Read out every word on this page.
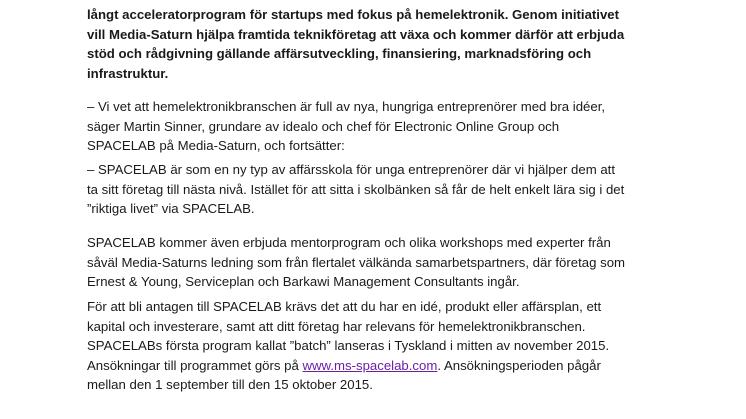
långt acceleratorprogram för startups med fokus på hemelektronik. Genom initiativet
vill Media-Saturn hjälpa framtida teknikföretag att växa och kommer därför att erbjuda
stöd och rådgivning gällande affärsutveckling, finansiering, marknadsföring och
infrastruktur.

– Vi vet att hemelektronikbranschen är full av nya, hungriga entreprenörer med bra idéer,
säger Martin Sinner, grundare av idealo och chef för Electronic Online Group och
SPACELAB på Media-Saturn, och fortsätter:

– SPACELAB är som en ny typ av affärsskola för unga entreprenörer där vi hjälper dem att
ta sitt företag till nästa nivå. Istället för att sitta i skolbänken så får de helt enkelt lära sig i det
”riktiga livet” via SPACELAB.

SPACELAB kommer även erbjuda mentorprogram och olika workshops med experter från
såväl Media-Saturns ledning som från flertalet välkända samarbetspartners, där företag som
Ernest & Young, Serviceplan och Barkawi Management Consultants ingår.

För att bli antagen till SPACELAB krävs det att du har en idé, produkt eller affärsplan, ett
kapital och investerare, samt att ditt företag har relevans för hemelektronikbranschen.
SPACELABs första program kallat ”batch” lanseras i Tyskland i mitten av november 2015.
Ansökningar till programmet görs på www.ms-spacelab.com. Ansökningsperioden pågår
mellan den 1 september till den 15 oktober 2015.
